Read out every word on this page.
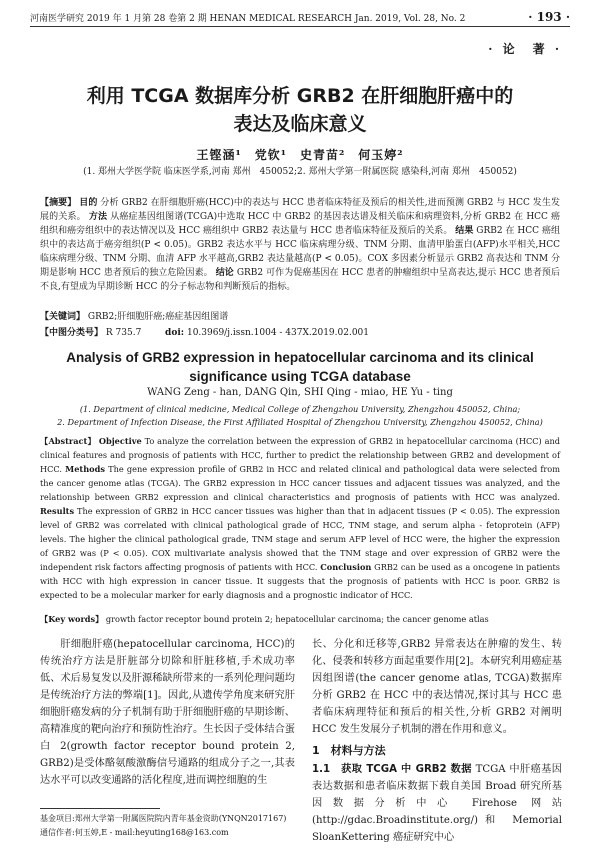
河南医学研究 2019 年 1 月第 28 卷第 2 期 HENAN MEDICAL RESEARCH Jan. 2019, Vol. 28, No. 2	· 193 ·
· 论　著 ·
利用 TCGA 数据库分析 GRB2 在肝细胞肝癌中的
表达及临床意义
王铿涵¹　党钦¹　史青苗²　何玉婷²
(1. 郑州大学医学院 临床医学系,河南 郑州　450052;2. 郑州大学第一附属医院 感染科,河南 郑州　450052)
【摘要】 目的 分析 GRB2 在肝细胞肝癌(HCC)中的表达与 HCC 患者临床特征及预后的相关性,进而预测 GRB2 与 HCC 发生发展的关系。 方法 从癌症基因组图谱(TCGA)中选取 HCC 中 GRB2 的基因表达谱及相关临床和病理资料,分析 GRB2 在 HCC 癌组织和癌旁组织中的表达情况以及 HCC 癌组织中 GRB2 表达量与 HCC 患者临床特征及预后的关系。 结果 GRB2 在 HCC 癌组织中的表达高于癌旁组织(P < 0.05)。GRB2 表达水平与 HCC 临床病理分级、TNM 分期、血清甲胎蛋白(AFP)水平相关,HCC 临床病理分级、TNM 分期、血清 AFP 水平越高,GRB2 表达量越高(P < 0.05)。COX 多因素分析显示 GRB2 高表达和 TNM 分期是影响 HCC 患者预后的独立危险因素。 结论 GRB2 可作为促癌基因在 HCC 患者的肿瘤组织中呈高表达,提示 HCC 患者预后不良,有望成为早期诊断 HCC 的分子标志物和判断预后的指标。
【关键词】 GRB2;肝细胞肝癌;癌症基因组图谱
【中图分类号】 R 735.7	doi: 10.3969/j.issn.1004 - 437X.2019.02.001
Analysis of GRB2 expression in hepatocellular carcinoma and its clinical
significance using TCGA database
WANG Zeng - han, DANG Qin, SHI Qing - miao, HE Yu - ting
(1. Department of clinical medicine, Medical College of Zhengzhou University, Zhengzhou 450052, China;
2. Department of Infection Disease, the First Affiliated Hospital of Zhengzhou University, Zhengzhou 450052, China)
【Abstract】 Objective To analyze the correlation between the expression of GRB2 in hepatocellular carcinoma (HCC) and clinical features and prognosis of patients with HCC, further to predict the relationship between GRB2 and development of HCC. Methods The gene expression profile of GRB2 in HCC and related clinical and pathological data were selected from the cancer genome atlas (TCGA). The GRB2 expression in HCC cancer tissues and adjacent tissues was analyzed, and the relationship between GRB2 expression and clinical characteristics and prognosis of patients with HCC was analyzed. Results The expression of GRB2 in HCC cancer tissues was higher than that in adjacent tissues (P < 0.05). The expression level of GRB2 was correlated with clinical pathological grade of HCC, TNM stage, and serum alpha - fetoprotein (AFP) levels. The higher the clinical pathological grade, TNM stage and serum AFP level of HCC were, the higher the expression of GRB2 was (P < 0.05). COX multivariate analysis showed that the TNM stage and over expression of GRB2 were the independent risk factors affecting prognosis of patients with HCC. Conclusion GRB2 can be used as a oncogene in patients with HCC with high expression in cancer tissue. It suggests that the prognosis of patients with HCC is poor. GRB2 is expected to be a molecular marker for early diagnosis and a prognostic indicator of HCC.
【Key words】 growth factor receptor bound protein 2; hepatocellular carcinoma; the cancer genome atlas
肝细胞肝癌(hepatocellular carcinoma, HCC)的传统治疗方法是肝脏部分切除和肝脏移植,手术成功率低、术后易复发以及肝源稀缺所带来的一系列伦理问题均是传统治疗方法的弊端[1]。因此,从遗传学角度来研究肝细胞肝癌发病的分子机制有助于肝细胞肝癌的早期诊断、高精准度的靶向治疗和预防性治疗。生长因子受体结合蛋白 2(growth factor receptor bound protein 2, GRB2)是受体酪氨酸激酶信号通路的组成分子之一,其表达水平可以改变通路的活化程度,进而调控细胞的生

长、分化和迁移等,GRB2 异常表达在肿瘤的发生、转化、侵袭和转移方面起重要作用[2]。本研究利用癌症基因组图谱(the cancer genome atlas, TCGA)数据库分析 GRB2 在 HCC 中的表达情况,探讨其与 HCC 患者临床病理特征和预后的相关性,分析 GRB2 对阐明 HCC 发生发展分子机制的潜在作用和意义。

1　材料与方法

1.1　获取 TCGA 中 GRB2 数据 TCGA 中肝癌基因表达数据和患者临床数据下载自美国 Broad 研究所基因数据分析中心 Firehose 网站(http://gdac.Broadinstitute.org/)和 Memorial SloanKettering 癌症研究中心

基金项目:郑州大学第一附属医院院内青年基金资助(YNQN2017167)
通信作者:何玉婷,E - mail:heyuting168@163.com
